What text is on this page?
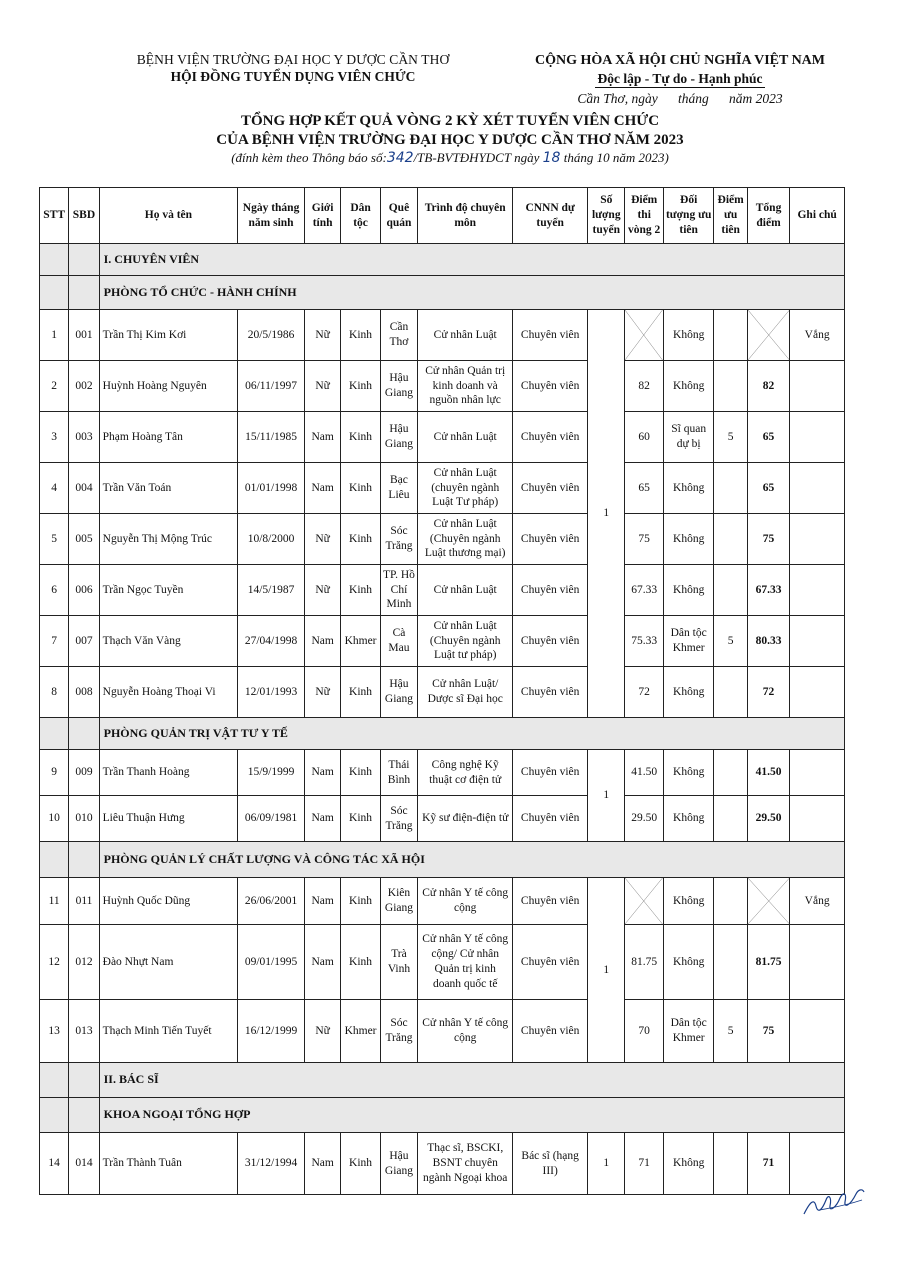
BỆNH VIỆN TRƯỜNG ĐẠI HỌC Y DƯỢC CẦN THƠ
HỘI ĐỒNG TUYỂN DỤNG VIÊN CHỨC
CỘNG HÒA XÃ HỘI CHỦ NGHĨA VIỆT NAM
Độc lập - Tự do - Hạnh phúc
Cần Thơ, ngày      tháng      năm 2023
TỔNG HỢP KẾT QUẢ VÒNG 2 KỲ XÉT TUYỂN VIÊN CHỨC
CỦA BỆNH VIỆN TRƯỜNG ĐẠI HỌC Y DƯỢC CẦN THƠ NĂM 2023
(đính kèm theo Thông báo số:342/TB-BVTĐHYDCT ngày 18 tháng 10 năm 2023)
STT	SBD	Họ và tên	Ngày tháng năm sinh	Giới tính	Dân tộc	Quê quán	Trình độ chuyên môn	CNNN dự tuyển	Số lượng tuyển	Điểm thi vòng 2	Đối tượng ưu tiên	Điểm ưu tiên	Tổng điểm	Ghi chú
		I. CHUYÊN VIÊN												
		PHÒNG TỔ CHỨC - HÀNH CHÍNH												
1	001	Trần Thị Kim Kơi	20/5/1986	Nữ	Kinh	Cần Thơ	Cử nhân Luật	Chuyên viên	1		Không			Vắng
2	002	Huỳnh Hoàng Nguyên	06/11/1997	Nữ	Kinh	Hậu Giang	Cử nhân Quản trị kinh doanh và nguồn nhân lực	Chuyên viên		82	Không		82	
3	003	Phạm Hoàng Tân	15/11/1985	Nam	Kinh	Hậu Giang	Cử nhân Luật	Chuyên viên		60	Sĩ quan dự bị	5	65	
4	004	Trần Văn Toán	01/01/1998	Nam	Kinh	Bạc Liêu	Cử nhân Luật (chuyên ngành Luật Tư pháp)	Chuyên viên		65	Không		65	
5	005	Nguyễn Thị Mộng Trúc	10/8/2000	Nữ	Kinh	Sóc Trăng	Cử nhân Luật (Chuyên ngành Luật thương mại)	Chuyên viên		75	Không		75	
6	006	Trần Ngọc Tuyền	14/5/1987	Nữ	Kinh	TP. Hồ Chí Minh	Cử nhân Luật	Chuyên viên		67.33	Không		67.33	
7	007	Thạch Văn Vàng	27/04/1998	Nam	Khmer	Cà Mau	Cử nhân Luật (Chuyên ngành Luật tư pháp)	Chuyên viên		75.33	Dân tộc Khmer	5	80.33	
8	008	Nguyễn Hoàng Thoại Vi	12/01/1993	Nữ	Kinh	Hậu Giang	Cử nhân Luật/ Dược sĩ Đại học	Chuyên viên		72	Không		72	
		PHÒNG QUẢN TRỊ VẬT TƯ Y TẾ												
9	009	Trần Thanh Hoàng	15/9/1999	Nam	Kinh	Thái Bình	Công nghệ Kỹ thuật cơ điện tử	Chuyên viên	1	41.50	Không		41.50	
10	010	Liêu Thuận Hưng	06/09/1981	Nam	Kinh	Sóc Trăng	Kỹ sư điện-điện tử	Chuyên viên		29.50	Không		29.50	
		PHÒNG QUẢN LÝ CHẤT LƯỢNG VÀ CÔNG TÁC XÃ HỘI												
11	011	Huỳnh Quốc Dũng	26/06/2001	Nam	Kinh	Kiên Giang	Cử nhân Y tế công cộng	Chuyên viên	1		Không			Vắng
12	012	Đào Nhựt Nam	09/01/1995	Nam	Kinh	Trà Vinh	Cử nhân Y tế công cộng/ Cử nhân Quản trị kinh doanh quốc tế	Chuyên viên		81.75	Không		81.75	
13	013	Thạch Minh Tiến Tuyết	16/12/1999	Nữ	Khmer	Sóc Trăng	Cử nhân Y tế công cộng	Chuyên viên		70	Dân tộc Khmer	5	75	
		II. BÁC SĨ												
		KHOA NGOẠI TỔNG HỢP												
14	014	Trần Thành Tuân	31/12/1994	Nam	Kinh	Hậu Giang	Thạc sĩ, BSCKI, BSNT chuyên ngành Ngoại khoa	Bác sĩ (hạng III)	1	71	Không		71	
